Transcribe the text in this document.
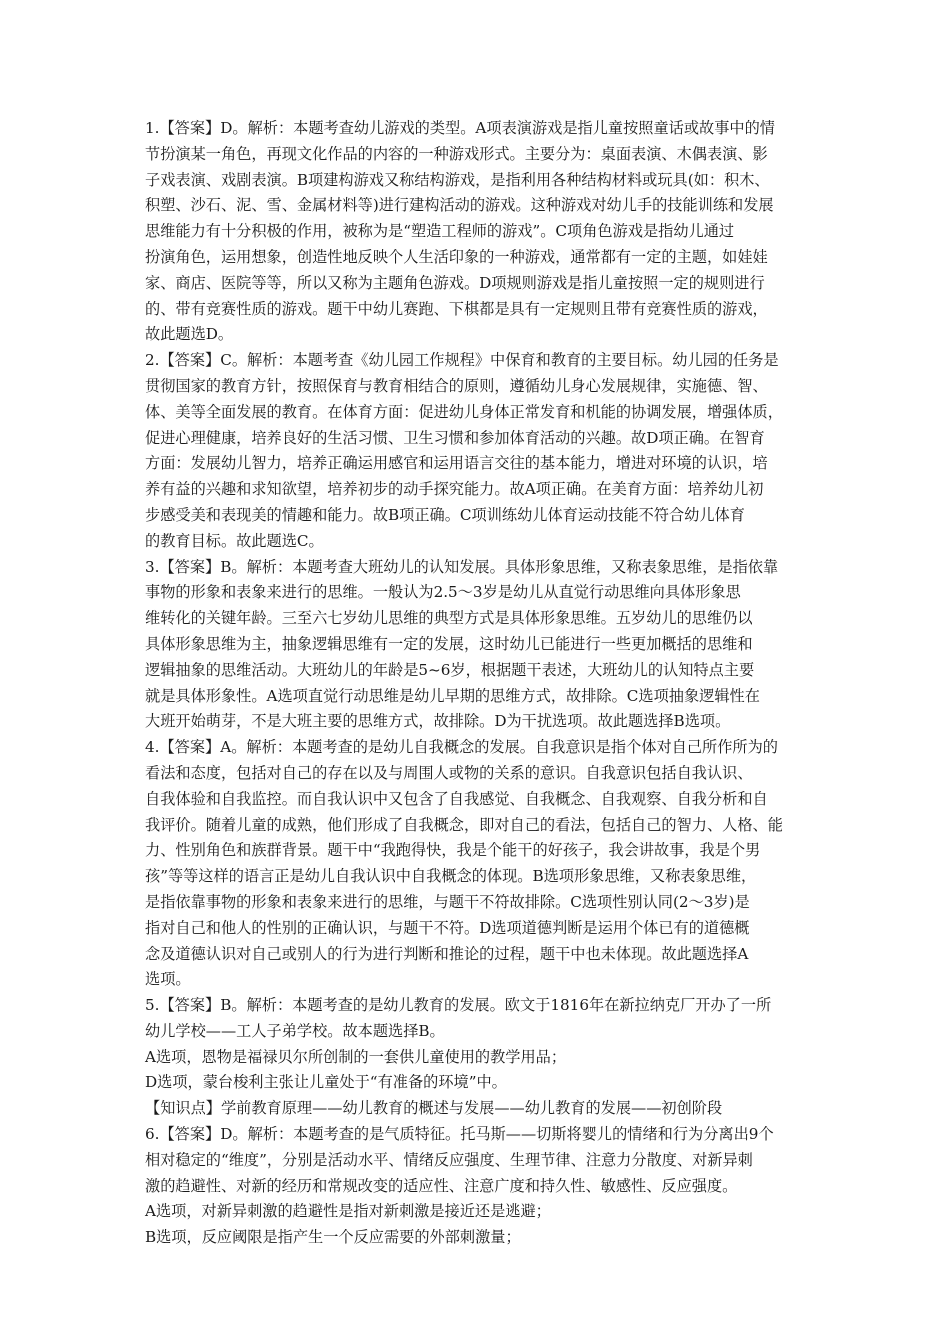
1.【答案】D。解析：本题考查幼儿游戏的类型。A项表演游戏是指儿童按照童话或故事中的情

节扮演某一角色，再现文化作品的内容的一种游戏形式。主要分为：桌面表演、木偶表演、影

子戏表演、戏剧表演。B项建构游戏又称结构游戏，是指利用各种结构材料或玩具(如：积木、

积塑、沙石、泥、雪、金属材料等)进行建构活动的游戏。这种游戏对幼儿手的技能训练和发展

思维能力有十分积极的作用，被称为是“塑造工程师的游戏”。C项角色游戏是指幼儿通过

扮演角色，运用想象，创造性地反映个人生活印象的一种游戏，通常都有一定的主题，如娃娃

家、商店、医院等等，所以又称为主题角色游戏。D项规则游戏是指儿童按照一定的规则进行

的、带有竞赛性质的游戏。题干中幼儿赛跑、下棋都是具有一定规则且带有竞赛性质的游戏，

故此题选D。

2.【答案】C。解析：本题考查《幼儿园工作规程》中保育和教育的主要目标。幼儿园的任务是

贯彻国家的教育方针，按照保育与教育相结合的原则，遵循幼儿身心发展规律，实施德、智、

体、美等全面发展的教育。在体育方面：促进幼儿身体正常发育和机能的协调发展，增强体质，

促进心理健康，培养良好的生活习惯、卫生习惯和参加体育活动的兴趣。故D项正确。在智育

方面：发展幼儿智力，培养正确运用感官和运用语言交往的基本能力，增进对环境的认识，培

养有益的兴趣和求知欲望，培养初步的动手探究能力。故A项正确。在美育方面：培养幼儿初

步感受美和表现美的情趣和能力。故B项正确。C项训练幼儿体育运动技能不符合幼儿体育

的教育目标。故此题选C。

3.【答案】B。解析：本题考查大班幼儿的认知发展。具体形象思维，又称表象思维，是指依靠

事物的形象和表象来进行的思维。一般认为2.5～3岁是幼儿从直觉行动思维向具体形象思

维转化的关键年龄。三至六七岁幼儿思维的典型方式是具体形象思维。五岁幼儿的思维仍以

具体形象思维为主，抽象逻辑思维有一定的发展，这时幼儿已能进行一些更加概括的思维和

逻辑抽象的思维活动。大班幼儿的年龄是5~6岁，根据题干表述，大班幼儿的认知特点主要

就是具体形象性。A选项直觉行动思维是幼儿早期的思维方式，故排除。C选项抽象逻辑性在

大班开始萌芽，不是大班主要的思维方式，故排除。D为干扰选项。故此题选择B选项。

4.【答案】A。解析：本题考查的是幼儿自我概念的发展。自我意识是指个体对自己所作所为的

看法和态度，包括对自己的存在以及与周围人或物的关系的意识。自我意识包括自我认识、

自我体验和自我监控。而自我认识中又包含了自我感觉、自我概念、自我观察、自我分析和自

我评价。随着儿童的成熟，他们形成了自我概念，即对自己的看法，包括自己的智力、人格、能

力、性别角色和族群背景。题干中“我跑得快，我是个能干的好孩子，我会讲故事，我是个男

孩”等等这样的语言正是幼儿自我认识中自我概念的体现。B选项形象思维，又称表象思维，

是指依靠事物的形象和表象来进行的思维，与题干不符故排除。C选项性别认同(2～3岁)是

指对自己和他人的性别的正确认识，与题干不符。D选项道德判断是运用个体已有的道德概

念及道德认识对自己或别人的行为进行判断和推论的过程，题干中也未体现。故此题选择A

选项。

5.【答案】B。解析：本题考查的是幼儿教育的发展。欧文于1816年在新拉纳克厂开办了一所

幼儿学校——工人子弟学校。故本题选择B。

A选项，恩物是福禄贝尔所创制的一套供儿童使用的教学用品；

D选项，蒙台梭利主张让儿童处于“有准备的环境”中。

【知识点】学前教育原理——幼儿教育的概述与发展——幼儿教育的发展——初创阶段

6.【答案】D。解析：本题考查的是气质特征。托马斯——切斯将婴儿的情绪和行为分离出9个

相对稳定的“维度”，分别是活动水平、情绪反应强度、生理节律、注意力分散度、对新异刺

激的趋避性、对新的经历和常规改变的适应性、注意广度和持久性、敏感性、反应强度。

A选项，对新异刺激的趋避性是指对新刺激是接近还是逃避；

B选项，反应阈限是指产生一个反应需要的外部刺激量；
